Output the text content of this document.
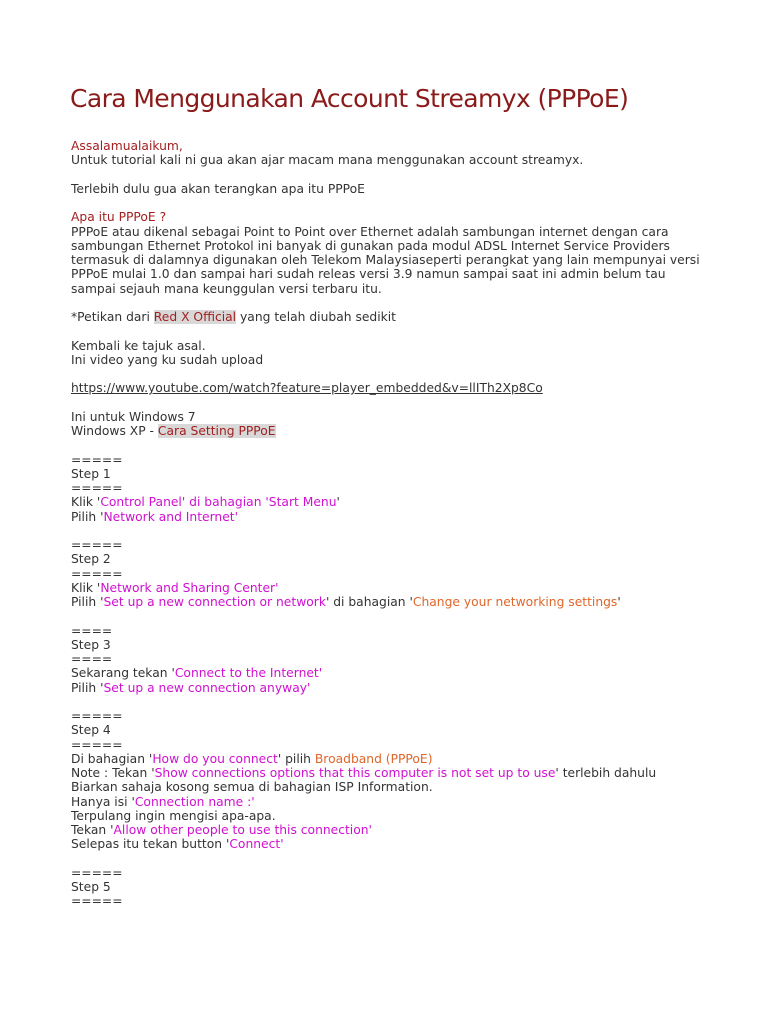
Cara Menggunakan Account Streamyx (PPPoE)
Assalamualaikum,
Untuk tutorial kali ni gua akan ajar macam mana menggunakan account streamyx.
Terlebih dulu gua akan terangkan apa itu PPPoE
Apa itu PPPoE ?
PPPoE atau dikenal sebagai Point to Point over Ethernet adalah sambungan internet dengan cara
sambungan Ethernet Protokol ini banyak di gunakan pada modul ADSL Internet Service Providers
termasuk di dalamnya digunakan oleh Telekom Malaysiaseperti perangkat yang lain mempunyai versi
PPPoE mulai 1.0 dan sampai hari sudah releas versi 3.9 namun sampai saat ini admin belum tau
sampai sejauh mana keunggulan versi terbaru itu.
*Petikan dari Red X Official yang telah diubah sedikit
Kembali ke tajuk asal.
Ini video yang ku sudah upload
https://www.youtube.com/watch?feature=player_embedded&v=llITh2Xp8Co
Ini untuk Windows 7
Windows XP - Cara Setting PPPoE
=====
Step 1
=====
Klik 'Control Panel' di bahagian 'Start Menu'
Pilih 'Network and Internet'
=====
Step 2
=====
Klik 'Network and Sharing Center'
Pilih 'Set up a new connection or network' di bahagian 'Change your networking settings'
====
Step 3
====
Sekarang tekan 'Connect to the Internet'
Pilih 'Set up a new connection anyway'
=====
Step 4
=====
Di bahagian 'How do you connect' pilih Broadband (PPPoE)
Note : Tekan 'Show connections options that this computer is not set up to use' terlebih dahulu
Biarkan sahaja kosong semua di bahagian ISP Information.
Hanya isi 'Connection name :'
Terpulang ingin mengisi apa-apa.
Tekan 'Allow other people to use this connection'
Selepas itu tekan button 'Connect'
=====
Step 5
=====
